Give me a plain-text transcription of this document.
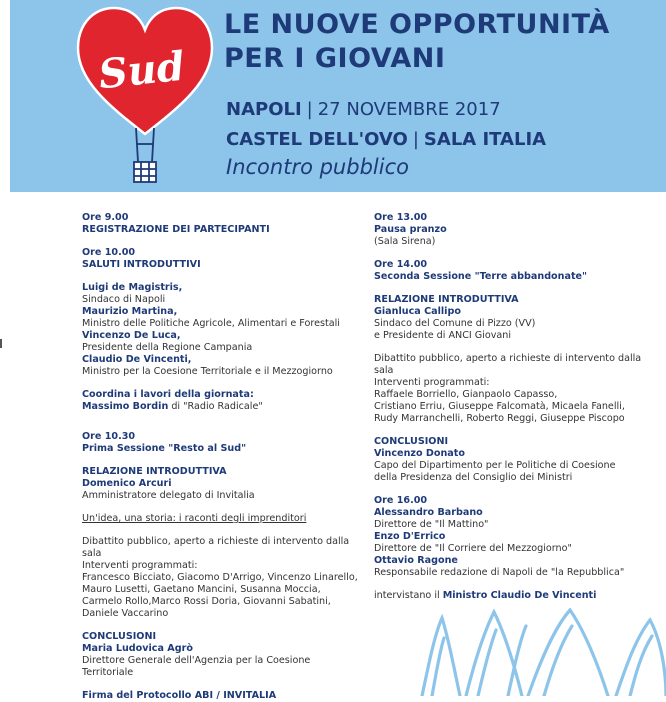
Sud
LE NUOVE OPPORTUNITÀ
PER I GIOVANI
NAPOLI | 27 NOVEMBRE 2017
CASTEL DELL'OVO | SALA ITALIA
Incontro pubblico

Ore 9.00

REGISTRAZIONE DEI PARTECIPANTI

Ore 10.00

SALUTI INTRODUTTIVI

Luigi de Magistris,

Sindaco di Napoli

Maurizio Martina,

Ministro delle Politiche Agricole, Alimentari e Forestali

Vincenzo De Luca,

Presidente della Regione Campania

Claudio De Vincenti,

Ministro per la Coesione Territoriale e il Mezzogiorno

Coordina i lavori della giornata:

Massimo Bordin di "Radio Radicale"

Ore 10.30

Prima Sessione "Resto al Sud"

RELAZIONE INTRODUTTIVA

Domenico Arcuri

Amministratore delegato di Invitalia

Un'idea, una storia: i raconti degli imprenditori

Dibattito pubblico, aperto a richieste di intervento dalla sala

Interventi programmati:

Francesco Bicciato, Giacomo D'Arrigo, Vincenzo Linarello,

Mauro Lusetti, Gaetano Mancini, Susanna Moccia,

Carmelo Rollo,Marco Rossi Doria, Giovanni Sabatini,

Daniele Vaccarino

CONCLUSIONI

Maria Ludovica Agrò

Direttore Generale dell'Agenzia per la Coesione Territoriale

Firma del Protocollo ABI / INVITALIA

Ore 13.00

Pausa pranzo

(Sala Sirena)

Ore 14.00

Seconda Sessione "Terre abbandonate"

RELAZIONE INTRODUTTIVA

Gianluca Callipo

Sindaco del Comune di Pizzo (VV)

e Presidente di ANCI Giovani

Dibattito pubblico, aperto a richieste di intervento dalla sala

Interventi programmati:

Raffaele Borriello, Gianpaolo Capasso,

Cristiano Erriu, Giuseppe Falcomatà, Micaela Fanelli,

Rudy Marranchelli, Roberto Reggi, Giuseppe Piscopo

CONCLUSIONI

Vincenzo Donato

Capo del Dipartimento per le Politiche di Coesione

della Presidenza del Consiglio dei Ministri

Ore 16.00

Alessandro Barbano

Direttore de "Il Mattino"

Enzo D'Errico

Direttore de "Il Corriere del Mezzogiorno"

Ottavio Ragone

Responsabile redazione di Napoli de "la Repubblica"

intervistano il Ministro Claudio De Vincenti
